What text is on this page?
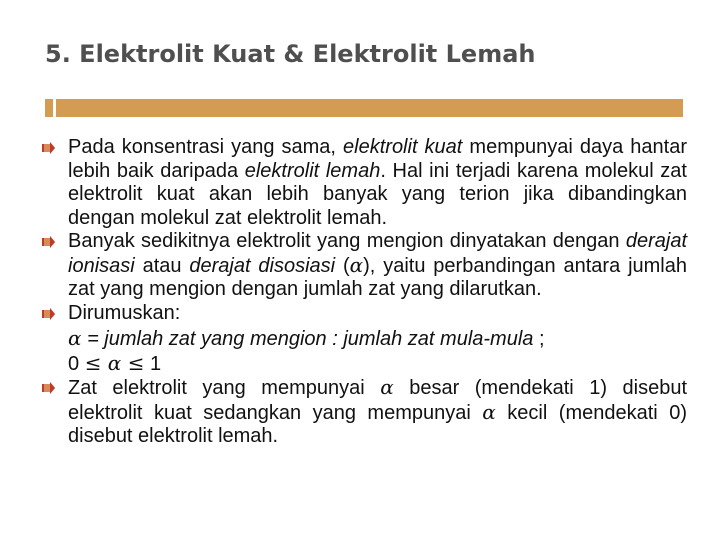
5. Elektrolit Kuat & Elektrolit Lemah
Pada konsentrasi yang sama, elektrolit kuat mempunyai daya hantar lebih baik daripada elektrolit lemah. Hal ini terjadi karena molekul zat elektrolit kuat akan lebih banyak yang terion jika dibandingkan dengan molekul zat elektrolit lemah.
Banyak sedikitnya elektrolit yang mengion dinyatakan dengan derajat ionisasi atau derajat disosiasi (α), yaitu perbandingan antara jumlah zat yang mengion dengan jumlah zat yang dilarutkan.
Dirumuskan:
α = jumlah zat yang mengion : jumlah zat mula-mula ;
0 ≤ α ≤ 1
Zat elektrolit yang mempunyai α besar (mendekati 1) disebut elektrolit kuat sedangkan yang mempunyai α kecil (mendekati 0) disebut elektrolit lemah.
